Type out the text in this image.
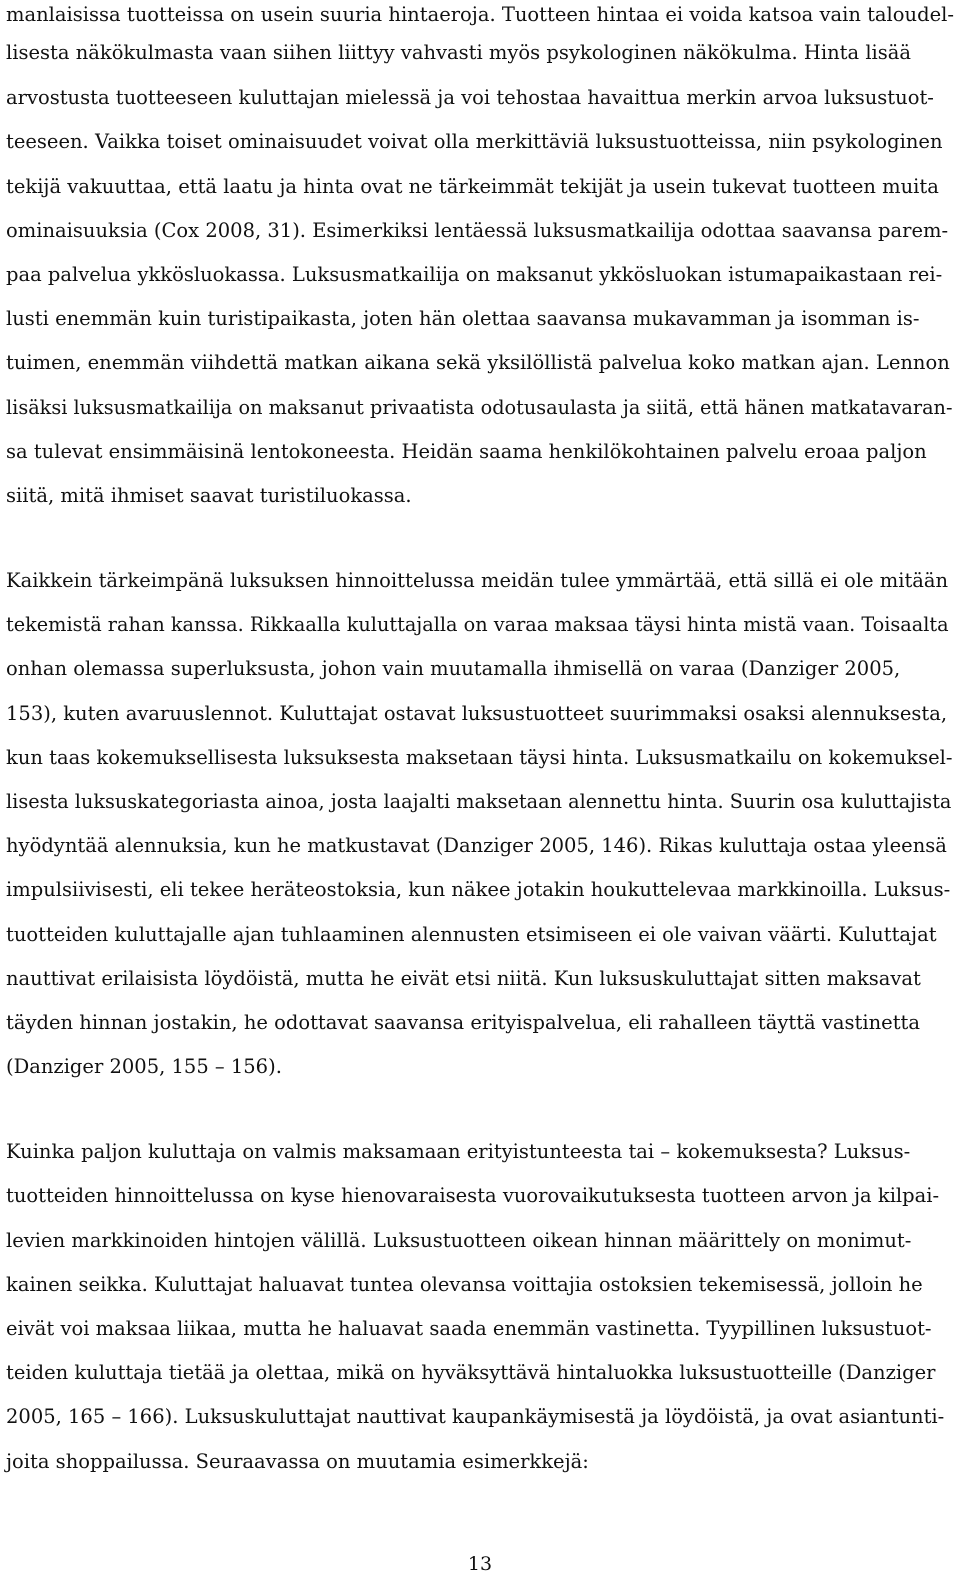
manlaisissa tuotteissa on usein suuria hintaeroja. Tuotteen hintaa ei voida katsoa vain taloudel-
lisesta näkökulmasta vaan siihen liittyy vahvasti myös psykologinen näkökulma. Hinta lisää
arvostusta tuotteeseen kuluttajan mielessä ja voi tehostaa havaittua merkin arvoa luksustuot-
teeseen. Vaikka toiset ominaisuudet voivat olla merkittäviä luksustuotteissa, niin psykologinen
tekijä vakuuttaa, että laatu ja hinta ovat ne tärkeimmät tekijät ja usein tukevat tuotteen muita
ominaisuuksia (Cox 2008, 31). Esimerkiksi lentäessä luksusmatkailija odottaa saavansa parem-
paa palvelua ykkösluokassa. Luksusmatkailija on maksanut ykkösluokan istumapaikastaan rei-
lusti enemmän kuin turistipaikasta, joten hän olettaa saavansa mukavamman ja isomman is-
tuimen, enemmän viihdettä matkan aikana sekä yksilöllistä palvelua koko matkan ajan. Lennon
lisäksi luksusmatkailija on maksanut privaatista odotusaulasta ja siitä, että hänen matkatavaran-
sa tulevat ensimmäisinä lentokoneesta. Heidän saama henkilökohtainen palvelu eroaa paljon
siitä, mitä ihmiset saavat turistiluokassa.
Kaikkein tärkeimpänä luksuksen hinnoittelussa meidän tulee ymmärtää, että sillä ei ole mitään
tekemistä rahan kanssa. Rikkaalla kuluttajalla on varaa maksaa täysi hinta mistä vaan. Toisaalta
onhan olemassa superluksusta, johon vain muutamalla ihmisellä on varaa (Danziger 2005,
153), kuten avaruuslennot. Kuluttajat ostavat luksustuotteet suurimmaksi osaksi alennuksesta,
kun taas kokemuksellisesta luksuksesta maksetaan täysi hinta. Luksusmatkailu on kokemuksel-
lisesta luksuskategoriasta ainoa, josta laajalti maksetaan alennettu hinta. Suurin osa kuluttajista
hyödyntää alennuksia, kun he matkustavat (Danziger 2005, 146). Rikas kuluttaja ostaa yleensä
impulsiivisesti, eli tekee heräteostoksia, kun näkee jotakin houkuttelevaa markkinoilla. Luksus-
tuotteiden kuluttajalle ajan tuhlaaminen alennusten etsimiseen ei ole vaivan väärti. Kuluttajat
nauttivat erilaisista löydöistä, mutta he eivät etsi niitä. Kun luksuskuluttajat sitten maksavat
täyden hinnan jostakin, he odottavat saavansa erityispalvelua, eli rahalleen täyttä vastinetta
(Danziger 2005, 155 – 156).
Kuinka paljon kuluttaja on valmis maksamaan erityistunteesta tai – kokemuksesta? Luksus-
tuotteiden hinnoittelussa on kyse hienovaraisesta vuorovaikutuksesta tuotteen arvon ja kilpai-
levien markkinoiden hintojen välillä. Luksustuotteen oikean hinnan määrittely on monimut-
kainen seikka. Kuluttajat haluavat tuntea olevansa voittajia ostoksien tekemisessä, jolloin he
eivät voi maksaa liikaa, mutta he haluavat saada enemmän vastinetta. Tyypillinen luksustuot-
teiden kuluttaja tietää ja olettaa, mikä on hyväksyttävä hintaluokka luksustuotteille (Danziger
2005, 165 – 166). Luksuskuluttajat nauttivat kaupankäymisestä ja löydöistä, ja ovat asiantunti-
joita shoppailussa. Seuraavassa on muutamia esimerkkejä:
13
